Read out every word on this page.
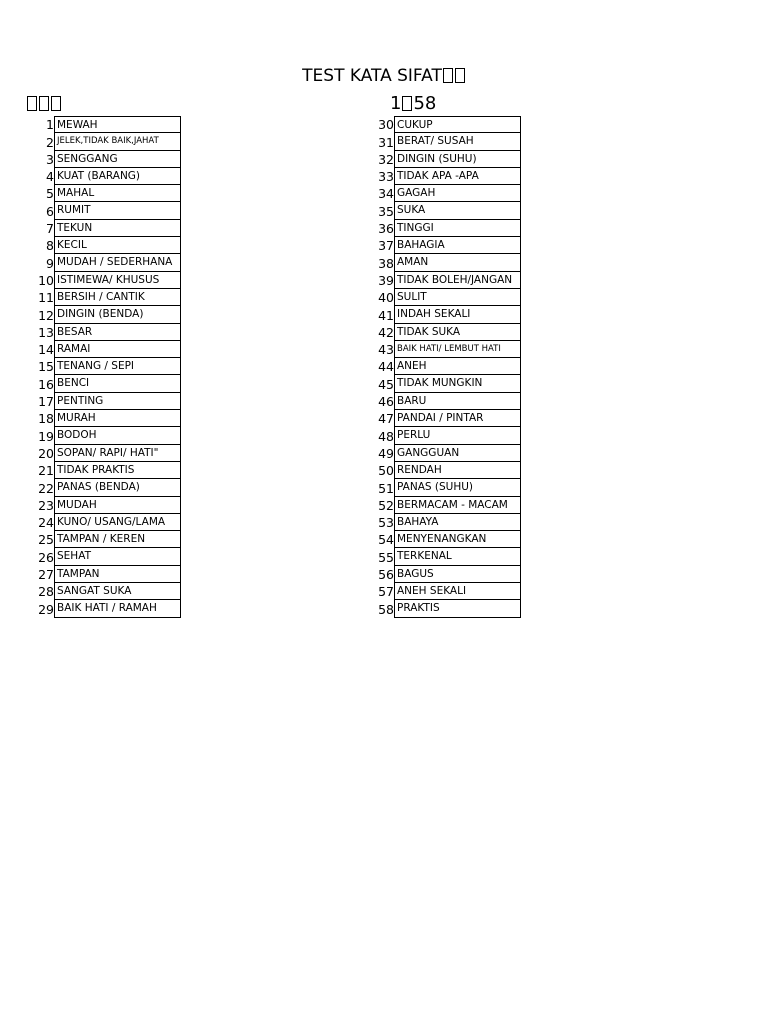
TEST KATA SIFAT
1 58
1 MEWAH
2 JELEK,TIDAK BAIK,JAHAT
3 SENGGANG
4 KUAT (BARANG)
5 MAHAL
6 RUMIT
7 TEKUN
8 KECIL
9 MUDAH / SEDERHANA
10 ISTIMEWA/ KHUSUS
11 BERSIH / CANTIK
12 DINGIN (BENDA)
13 BESAR
14 RAMAI
15 TENANG / SEPI
16 BENCI
17 PENTING
18 MURAH
19 BODOH
20 SOPAN/ RAPI/ HATI"
21 TIDAK PRAKTIS
22 PANAS (BENDA)
23 MUDAH
24 KUNO/ USANG/LAMA
25 TAMPAN / KEREN
26 SEHAT
27 TAMPAN
28 SANGAT SUKA
29 BAIK HATI / RAMAH
30 CUKUP
31 BERAT/ SUSAH
32 DINGIN (SUHU)
33 TIDAK APA -APA
34 GAGAH
35 SUKA
36 TINGGI
37 BAHAGIA
38 AMAN
39 TIDAK BOLEH/JANGAN
40 SULIT
41 INDAH SEKALI
42 TIDAK SUKA
43 BAIK HATI/ LEMBUT HATI
44 ANEH
45 TIDAK MUNGKIN
46 BARU
47 PANDAI / PINTAR
48 PERLU
49 GANGGUAN
50 RENDAH
51 PANAS (SUHU)
52 BERMACAM - MACAM
53 BAHAYA
54 MENYENANGKAN
55 TERKENAL
56 BAGUS
57 ANEH SEKALI
58 PRAKTIS
